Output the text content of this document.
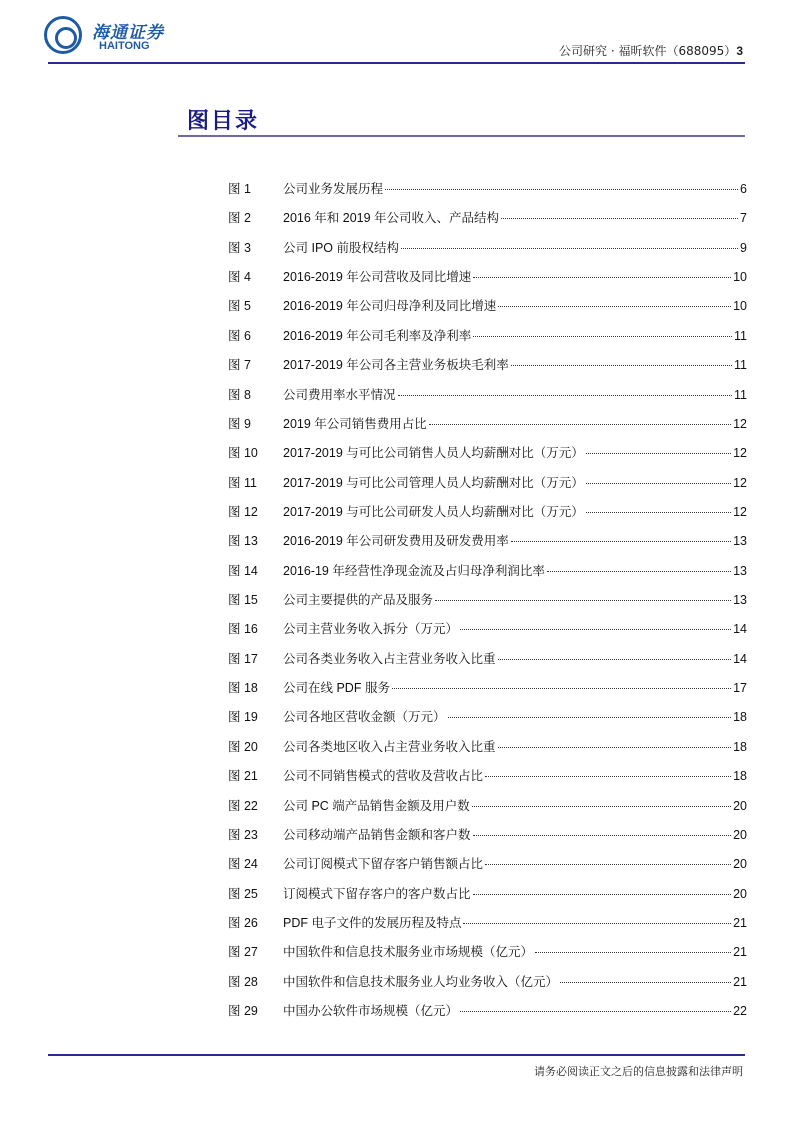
海通证券
HAITONG	公司研究 · 福昕软件（688095）3
图目录
图 1	公司业务发展历程	6
图 2	2016 年和 2019 年公司收入、产品结构	7
图 3	公司 IPO 前股权结构	9
图 4	2016-2019 年公司营收及同比增速	10
图 5	2016-2019 年公司归母净利及同比增速	10
图 6	2016-2019 年公司毛利率及净利率	11
图 7	2017-2019 年公司各主营业务板块毛利率	11
图 8	公司费用率水平情况	11
图 9	2019 年公司销售费用占比	12
图 10	2017-2019 与可比公司销售人员人均薪酬对比（万元）	12
图 11	2017-2019 与可比公司管理人员人均薪酬对比（万元）	12
图 12	2017-2019 与可比公司研发人员人均薪酬对比（万元）	12
图 13	2016-2019 年公司研发费用及研发费用率	13
图 14	2016-19 年经营性净现金流及占归母净利润比率	13
图 15	公司主要提供的产品及服务	13
图 16	公司主营业务收入拆分（万元）	14
图 17	公司各类业务收入占主营业务收入比重	14
图 18	公司在线 PDF 服务	17
图 19	公司各地区营收金额（万元）	18
图 20	公司各类地区收入占主营业务收入比重	18
图 21	公司不同销售模式的营收及营收占比	18
图 22	公司 PC 端产品销售金额及用户数	20
图 23	公司移动端产品销售金额和客户数	20
图 24	公司订阅模式下留存客户销售额占比	20
图 25	订阅模式下留存客户的客户数占比	20
图 26	PDF 电子文件的发展历程及特点	21
图 27	中国软件和信息技术服务业市场规模（亿元）	21
图 28	中国软件和信息技术服务业人均业务收入（亿元）	21
图 29	中国办公软件市场规模（亿元）	22
请务必阅读正文之后的信息披露和法律声明
